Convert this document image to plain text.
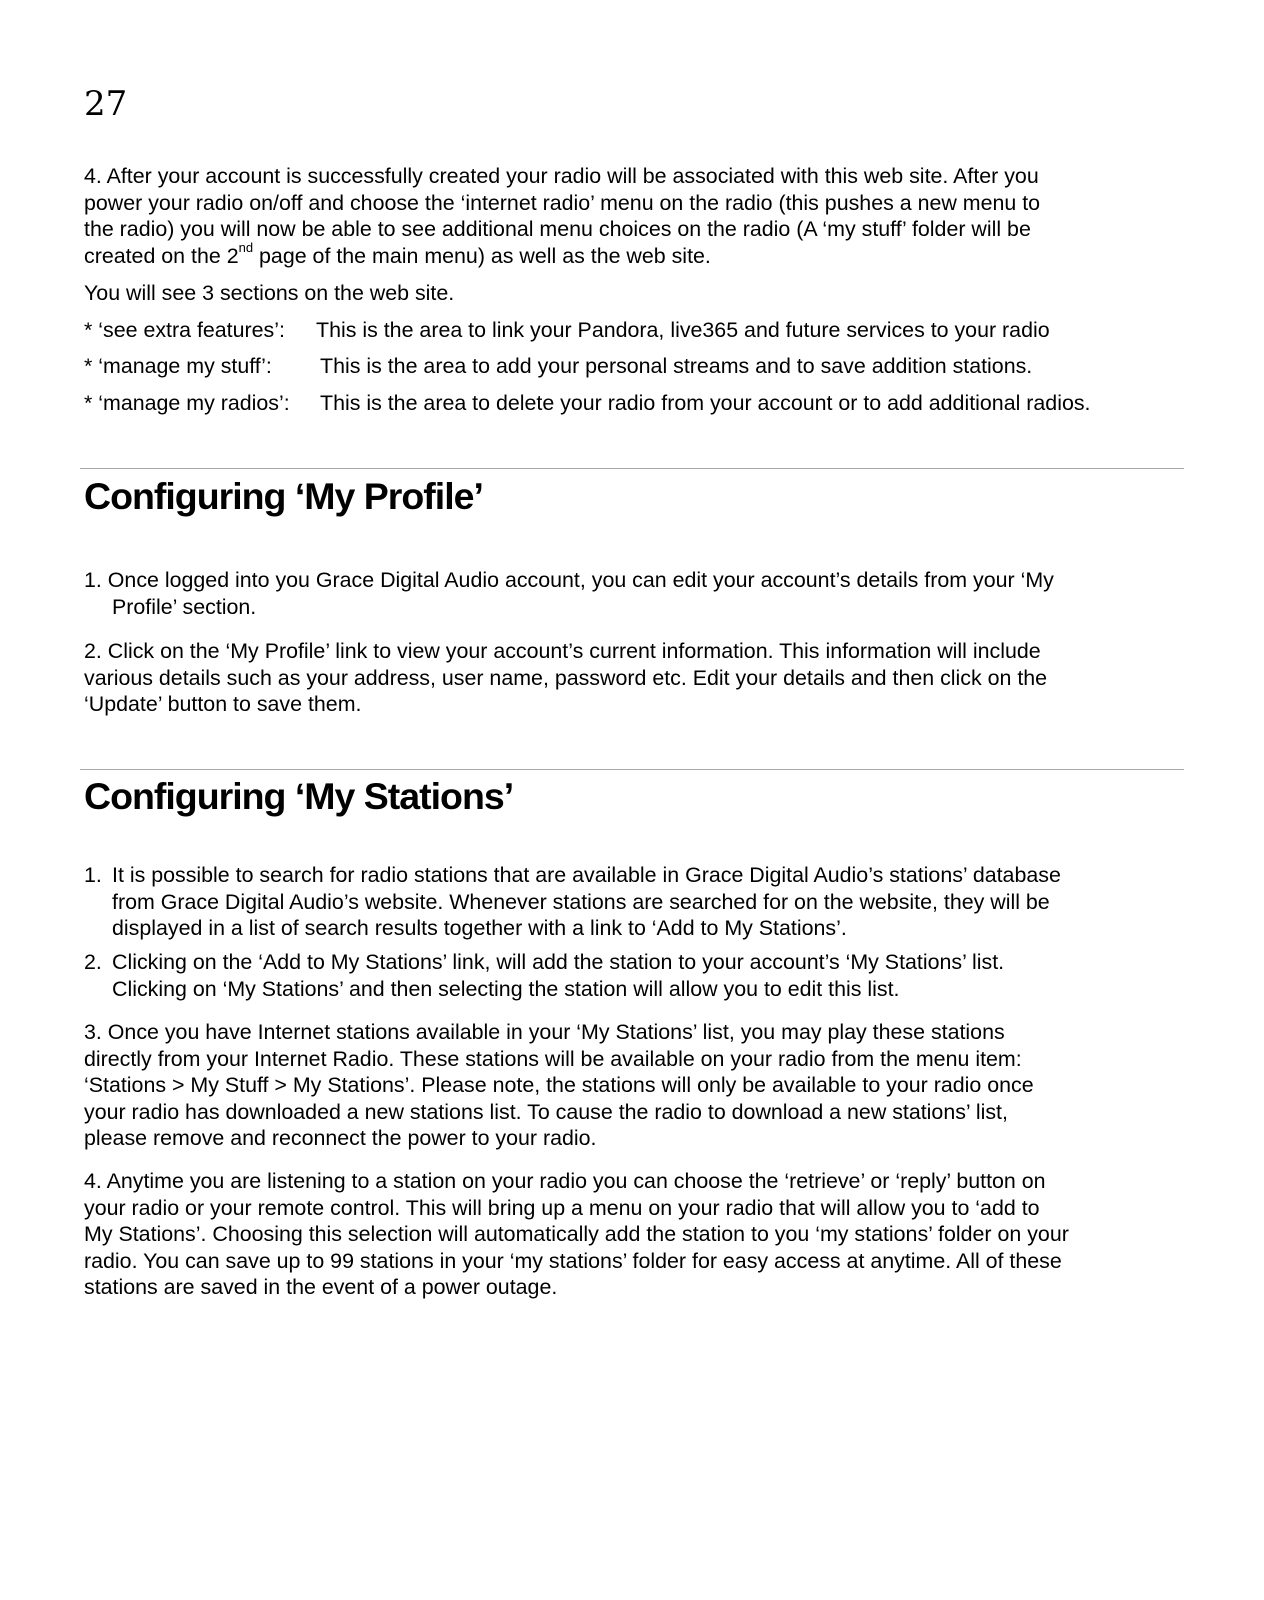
27

4. After your account is successfully created your radio will be associated with this web site. After you
power your radio on/off and choose the ‘internet radio’ menu on the radio (this pushes a new menu to
the radio) you will now be able to see additional menu choices on the radio (A ‘my stuff’ folder will be
created on the 2nd page of the main menu) as well as the web site.

You will see 3 sections on the web site.

* ‘see extra features’: This is the area to link your Pandora, live365 and future services to your radio

* ‘manage my stuff’: This is the area to add your personal streams and to save addition stations.

* ‘manage my radios’: This is the area to delete your radio from your account or to add additional radios.

Configuring ‘My Profile’
1. Once logged into you Grace Digital Audio account, you can edit your account’s details from your ‘My
Profile’ section.
2. Click on the ‘My Profile’ link to view your account’s current information. This information will include
various details such as your address, user name, password etc. Edit your details and then click on the
‘Update’ button to save them.
Configuring ‘My Stations’
1. It is possible to search for radio stations that are available in Grace Digital Audio’s stations’ database
from Grace Digital Audio’s website. Whenever stations are searched for on the website, they will be
displayed in a list of search results together with a link to ‘Add to My Stations’.
2. Clicking on the ‘Add to My Stations’ link, will add the station to your account’s ‘My Stations’ list.
Clicking on ‘My Stations’ and then selecting the station will allow you to edit this list.
3. Once you have Internet stations available in your ‘My Stations’ list, you may play these stations
directly from your Internet Radio. These stations will be available on your radio from the menu item:
‘Stations > My Stuff > My Stations’. Please note, the stations will only be available to your radio once
your radio has downloaded a new stations list. To cause the radio to download a new stations’ list,
please remove and reconnect the power to your radio.
4. Anytime you are listening to a station on your radio you can choose the ‘retrieve’ or ‘reply’ button on
your radio or your remote control. This will bring up a menu on your radio that will allow you to ‘add to
My Stations’. Choosing this selection will automatically add the station to you ‘my stations’ folder on your
radio. You can save up to 99 stations in your ‘my stations’ folder for easy access at anytime. All of these
stations are saved in the event of a power outage.
